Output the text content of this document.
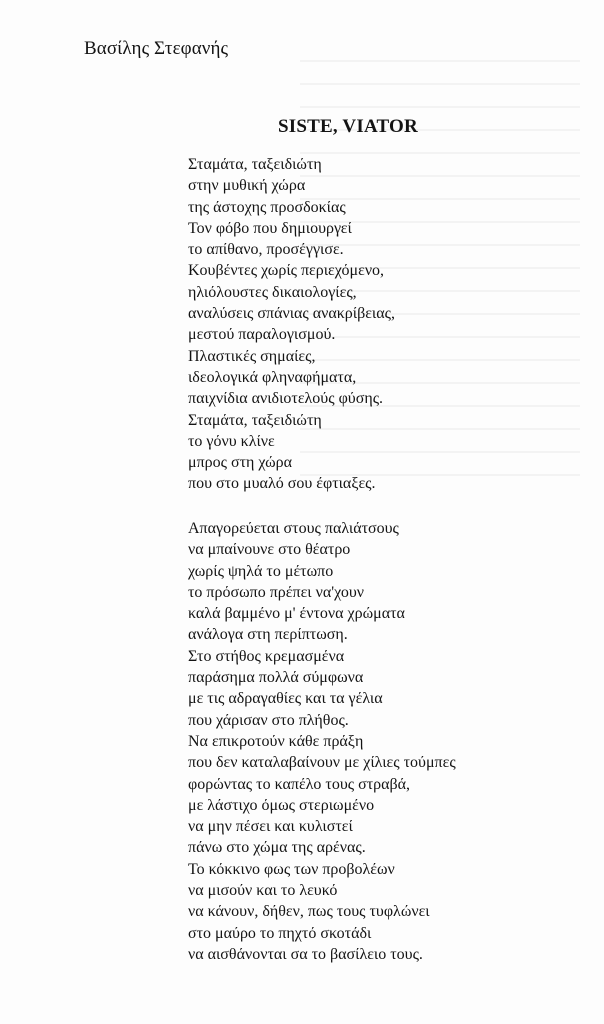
Βασίλης Στεφανής
SISTE, VIATOR
Σταμάτα, ταξειδιώτη
στην μυθική χώρα
της άστοχης προσδοκίας
Τον φόβο που δημιουργεί
το απίθανο, προσέγγισε.
Κουβέντες χωρίς περιεχόμενο,
ηλιόλουστες δικαιολογίες,
αναλύσεις σπάνιας ανακρίβειας,
μεστού παραλογισμού.
Πλαστικές σημαίες,
ιδεολογικά φληναφήματα,
παιχνίδια ανιδιοτελούς φύσης.
Σταμάτα, ταξειδιώτη
το γόνυ κλίνε
μπρος στη χώρα
που στο μυαλό σου έφτιαξες.
Απαγορεύεται στους παλιάτσους
να μπαίνουνε στο θέατρο
χωρίς ψηλά το μέτωπο
το πρόσωπο πρέπει να'χουν
καλά βαμμένο μ' έντονα χρώματα
ανάλογα στη περίπτωση.
Στο στήθος κρεμασμένα
παράσημα πολλά σύμφωνα
με τις αδραγαθίες και τα γέλια
που χάρισαν στο πλήθος.
Να επικροτούν κάθε πράξη
που δεν καταλαβαίνουν με χίλιες τούμπες
φορώντας το καπέλο τους στραβά,
με λάστιχο όμως στεριωμένο
να μην πέσει και κυλιστεί
πάνω στο χώμα της αρένας.
Το κόκκινο φως των προβολέων
να μισούν και το λευκό
να κάνουν, δήθεν, πως τους τυφλώνει
στο μαύρο το πηχτό σκοτάδι
να αισθάνονται σα το βασίλειο τους.
